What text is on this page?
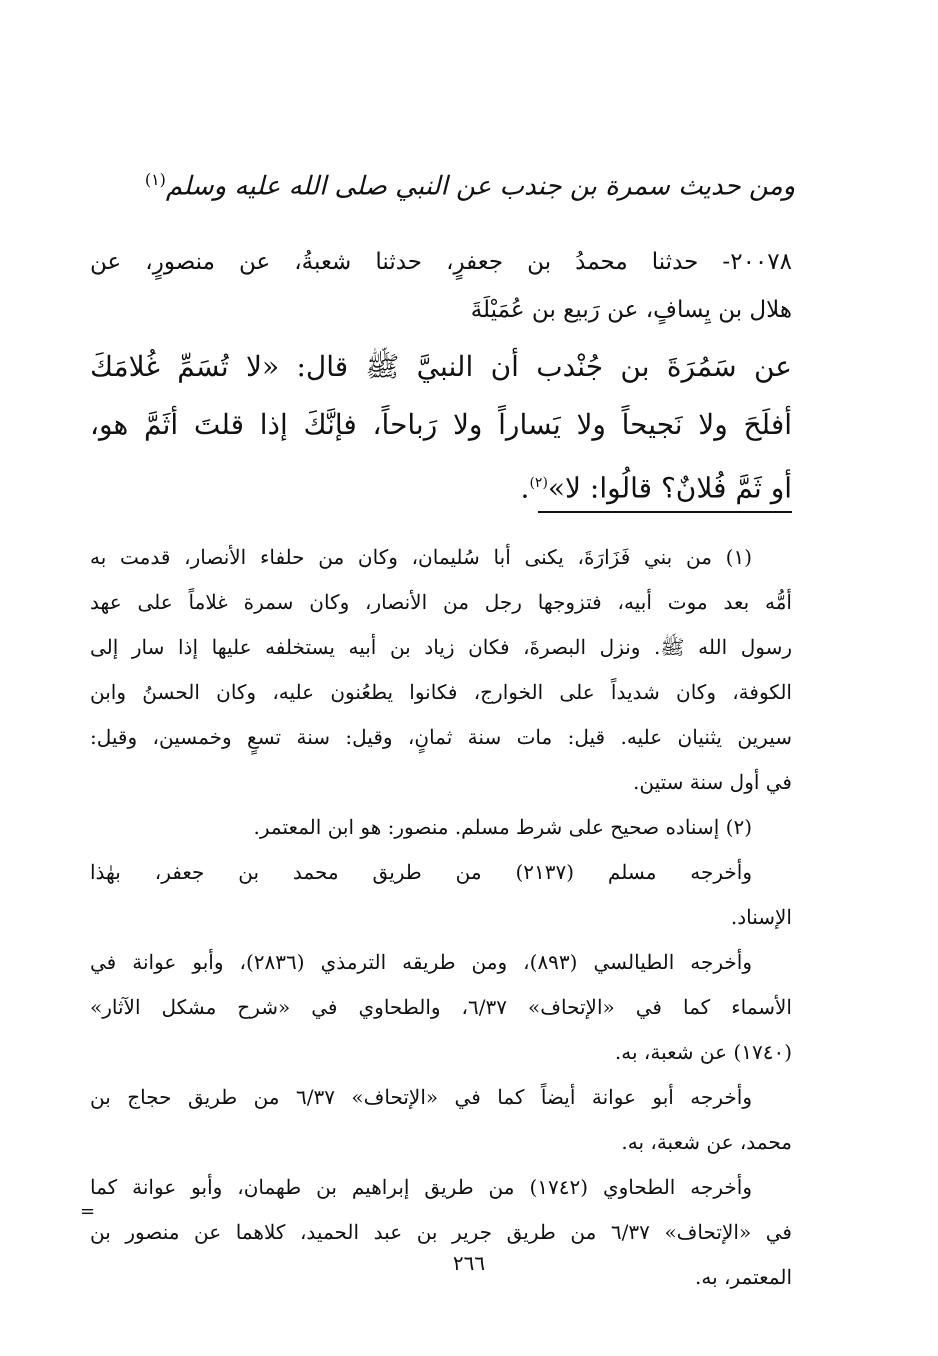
ومن حديث سمرة بن جندب عن النبي صلى الله عليه وسلم$^{(١)}$
٢٠٠٧٨- حدثنا محمدُ بن جعفرٍ، حدثنا شعبةُ، عن منصورٍ، عن
هلال بن يِسافٍ، عن رَبيع بن عُمَيْلَةَ
عن سَمُرَةَ بن جُنْدب أن النبيَّ ﷺ قال: «لا تُسَمِّ غُلامَكَ
أفلَحَ ولا نَجيحاً ولا يَساراً ولا رَباحاً، فإنَّكَ إذا قلتَ أثَمَّ هو،
أو ثَمَّ فُلانٌ؟ قالُوا: لا»$^{(٢)}$.
(١) من بني فَزَارَةَ، يكنى أبا سُليمان، وكان من حلفاء الأنصار، قدمت به
أمُّه بعد موت أبيه، فتزوجها رجل من الأنصار، وكان سمرة غلاماً على عهد
رسول الله ﷺ. ونزل البصرةَ، فكان زياد بن أبيه يستخلفه عليها إذا سار إلى
الكوفة، وكان شديداً على الخوارج، فكانوا يطعُنون عليه، وكان الحسنُ وابن
سيرين يثنيان عليه. قيل: مات سنة ثمانٍ، وقيل: سنة تسعٍ وخمسين، وقيل:
في أول سنة ستين.
(٢) إسناده صحيح على شرط مسلم. منصور: هو ابن المعتمر.
وأخرجه مسلم (٢١٣٧) من طريق محمد بن جعفر، بهٰذا
الإسناد.
وأخرجه الطيالسي (٨٩٣)، ومن طريقه الترمذي (٢٨٣٦)، وأبو عوانة في
الأسماء كما في «الإتحاف» ٦/٣٧، والطحاوي في «شرح مشكل الآثار»
(١٧٤٠) عن شعبة، به.
وأخرجه أبو عوانة أيضاً كما في «الإتحاف» ٦/٣٧ من طريق حجاج بن
محمد، عن شعبة، به.
وأخرجه الطحاوي (١٧٤٢) من طريق إبراهيم بن طهمان، وأبو عوانة كما
في «الإتحاف» ٦/٣٧ من طريق جرير بن عبد الحميد، كلاهما عن منصور بن
المعتمر، به.
=
٢٦٦
